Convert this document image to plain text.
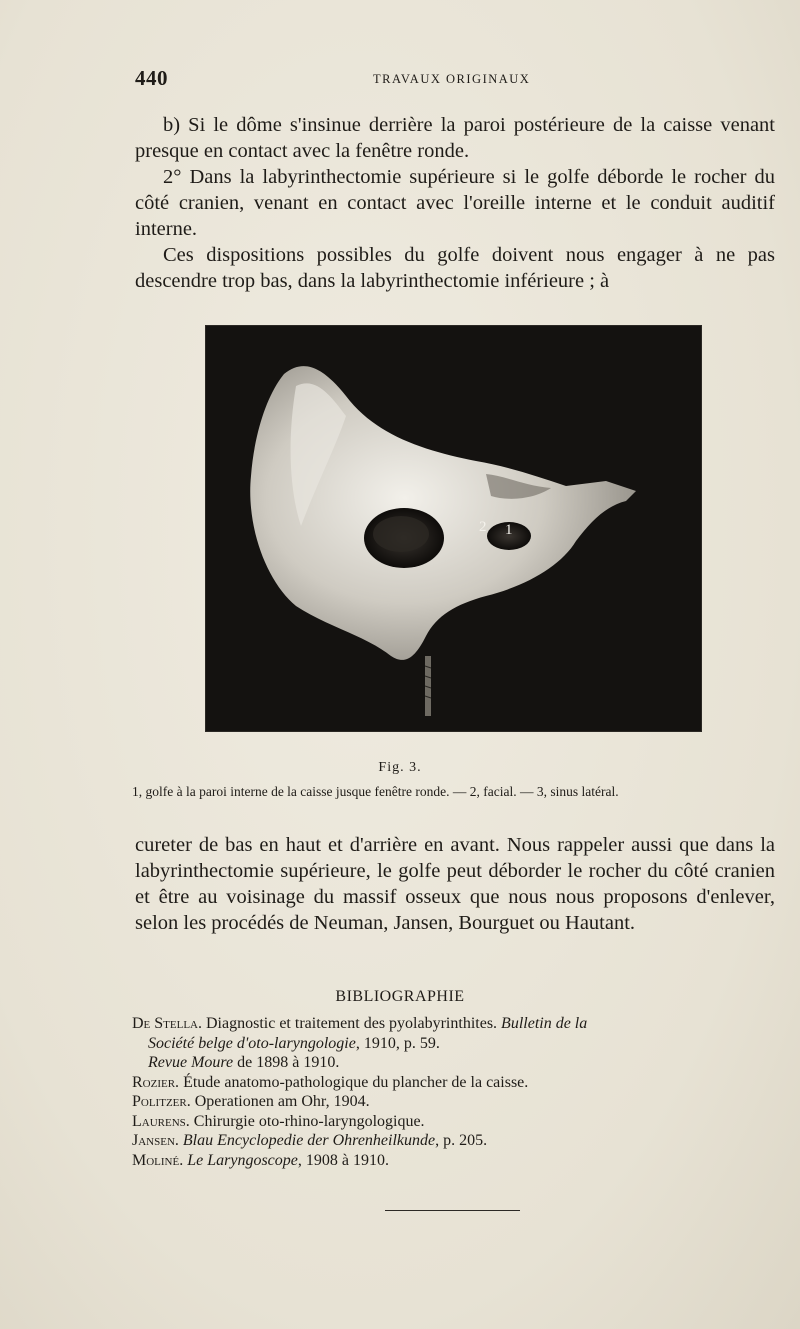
440	TRAVAUX ORIGINAUX

b) Si le dôme s'insinue derrière la paroi postérieure de la caisse venant presque en contact avec la fenêtre ronde.

2° Dans la labyrinthectomie supérieure si le golfe déborde le rocher du côté cranien, venant en contact avec l'oreille interne et le conduit auditif interne.

Ces dispositions possibles du golfe doivent nous engager à ne pas descendre trop bas, dans la labyrinthectomie inférieure ; à

2 1
Fig. 3.
1, golfe à la paroi interne de la caisse jusque fenêtre ronde. — 2, facial. — 3, sinus latéral.

cureter de bas en haut et d'arrière en avant. Nous rappeler aussi que dans la labyrinthectomie supérieure, le golfe peut déborder le rocher du côté cranien et être au voisinage du massif osseux que nous nous proposons d'enlever, selon les procédés de Neuman, Jansen, Bourguet ou Hautant.

BIBLIOGRAPHIE

De Stella. Diagnostic et traitement des pyolabyrinthites. Bulletin de la

Société belge d'oto-laryngologie, 1910, p. 59.

Revue Moure de 1898 à 1910.

Rozier. Étude anatomo-pathologique du plancher de la caisse.

Politzer. Operationen am Ohr, 1904.

Laurens. Chirurgie oto-rhino-laryngologique.

Jansen. Blau Encyclopedie der Ohrenheilkunde, p. 205.

Moliné. Le Laryngoscope, 1908 à 1910.
